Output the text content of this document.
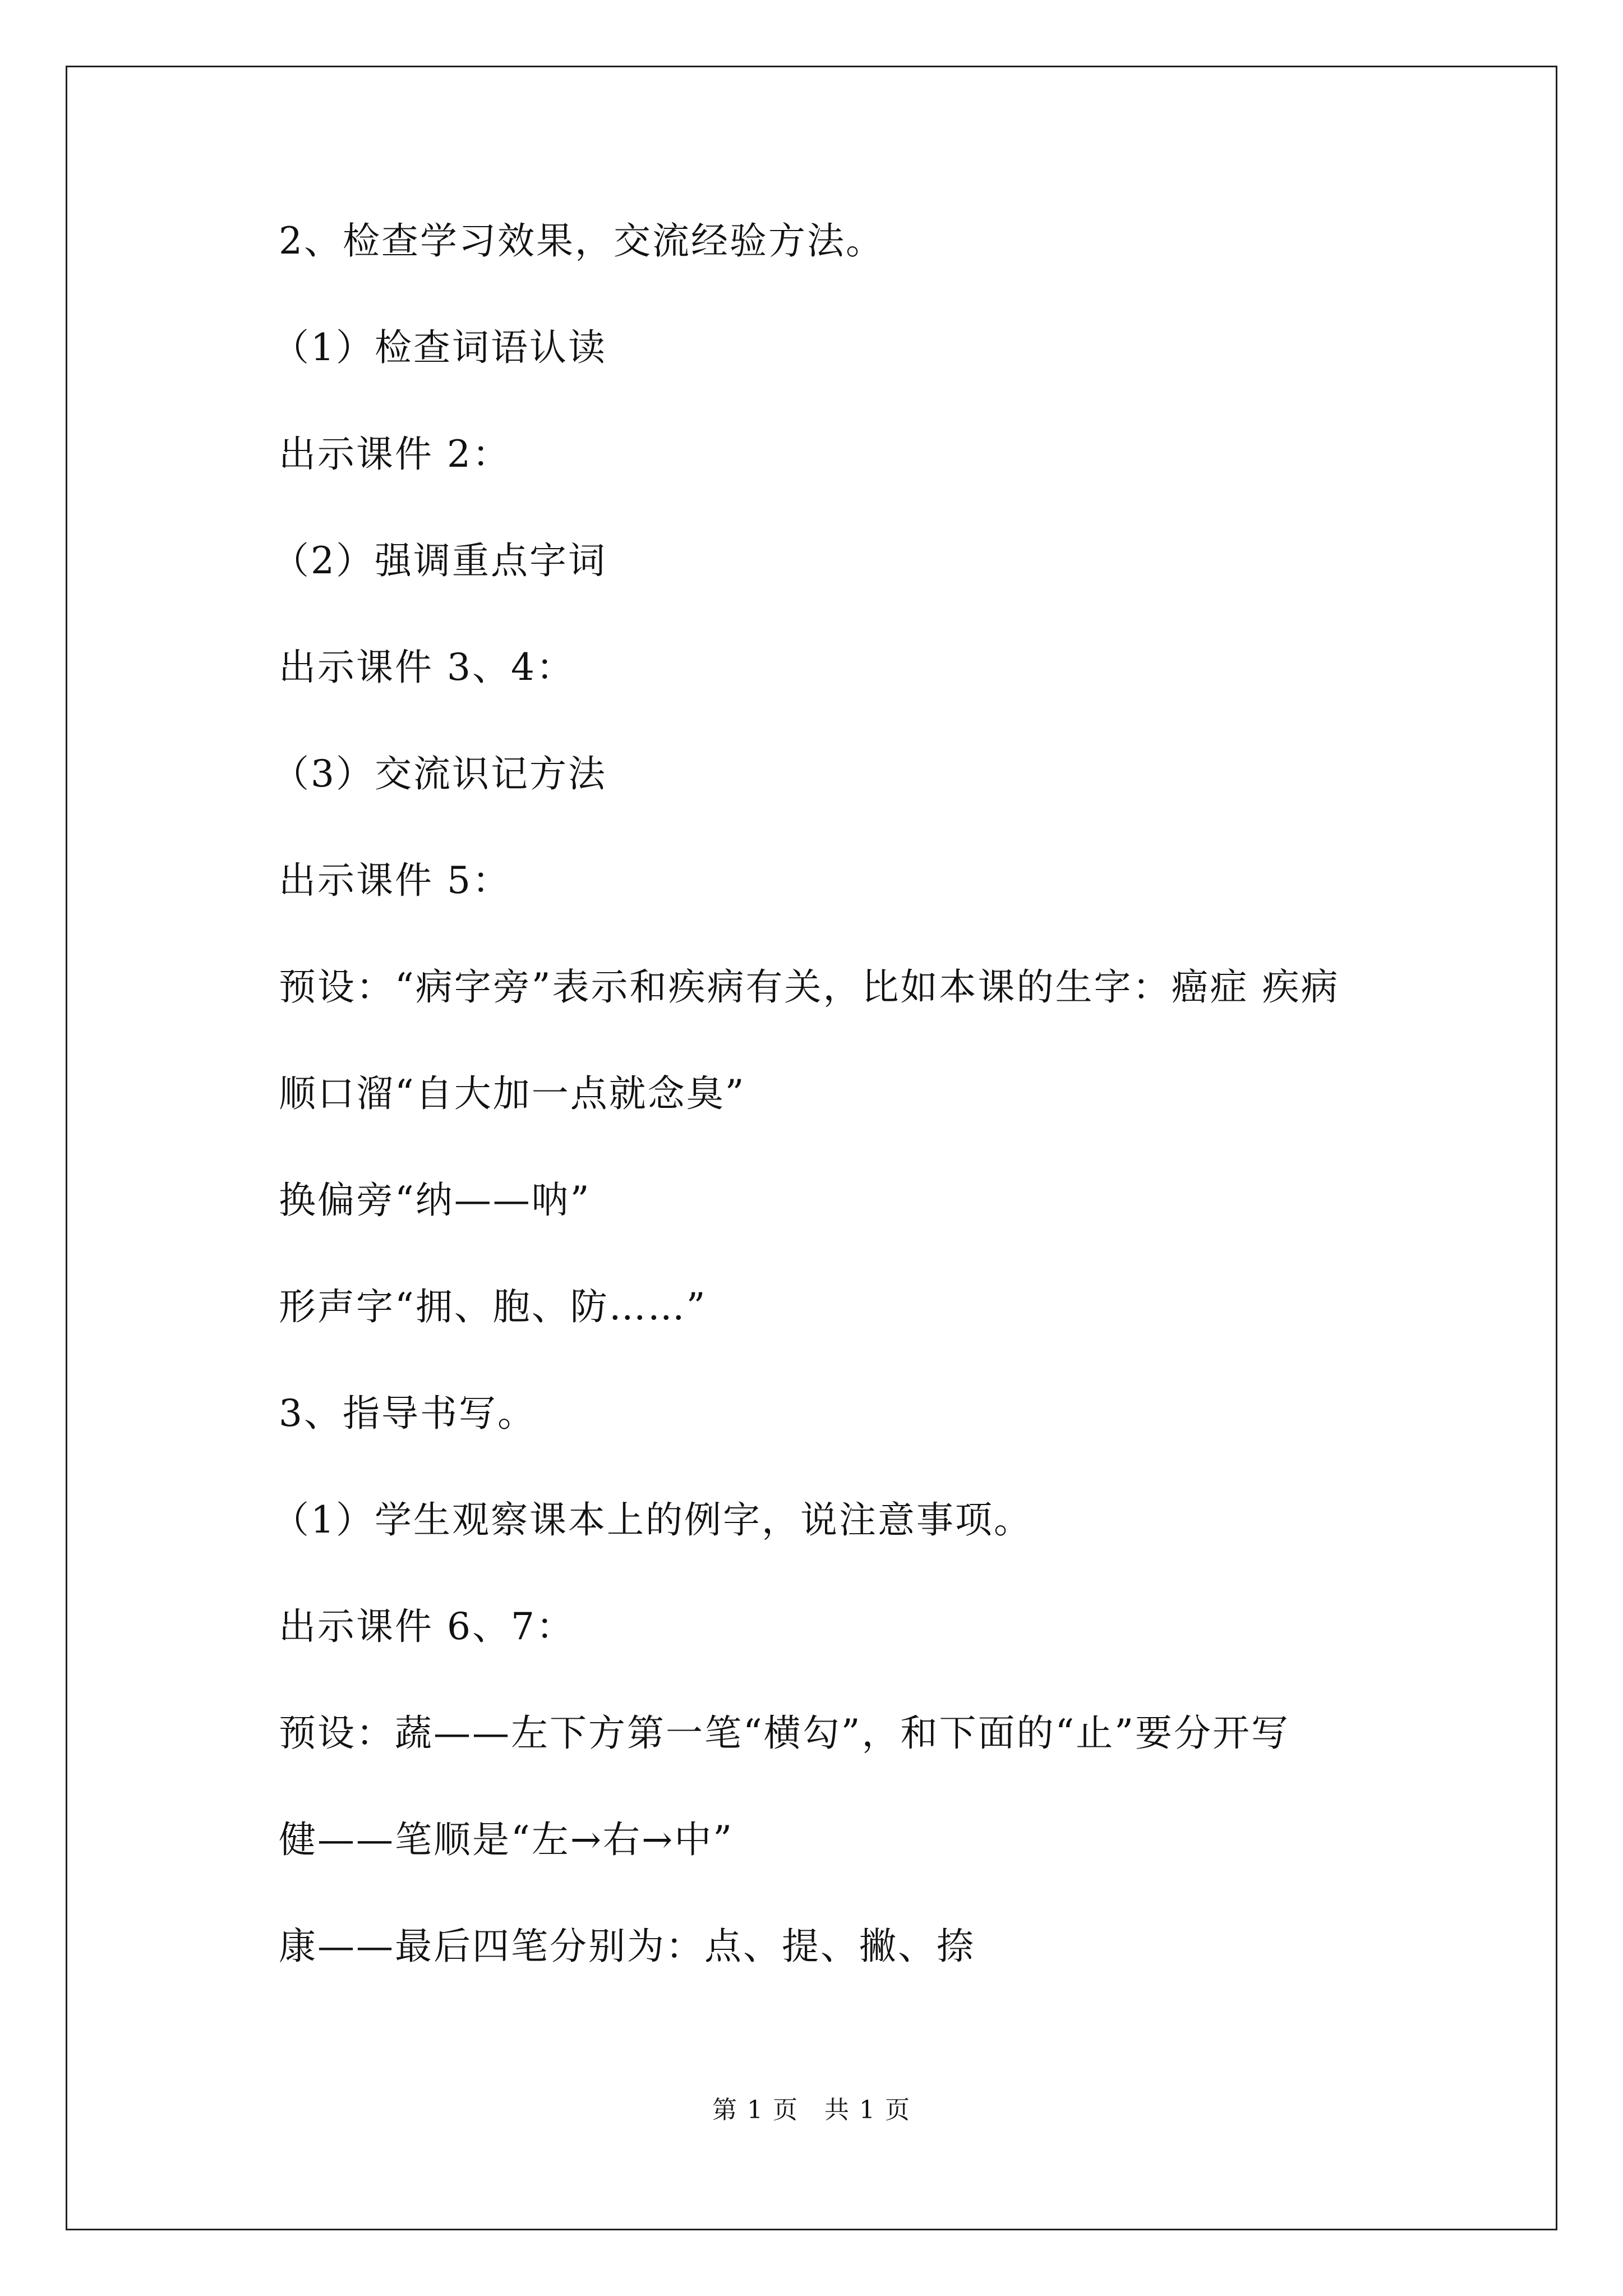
2、检查学习效果，交流经验方法。
（1）检查词语认读
出示课件 2：
（2）强调重点字词
出示课件 3、4：
（3）交流识记方法
出示课件 5：
预设：“病字旁”表示和疾病有关，比如本课的生字：癌症 疾病
顺口溜“自大加一点就念臭”
换偏旁“纳——呐”
形声字“拥、胞、防……”
3、指导书写。
（1）学生观察课本上的例字，说注意事项。
出示课件 6、7：
预设：蔬——左下方第一笔“横勾”，和下面的“止”要分开写
健——笔顺是“左→右→中”
康——最后四笔分别为：点、提、撇、捺
第 1 页　共 1 页
